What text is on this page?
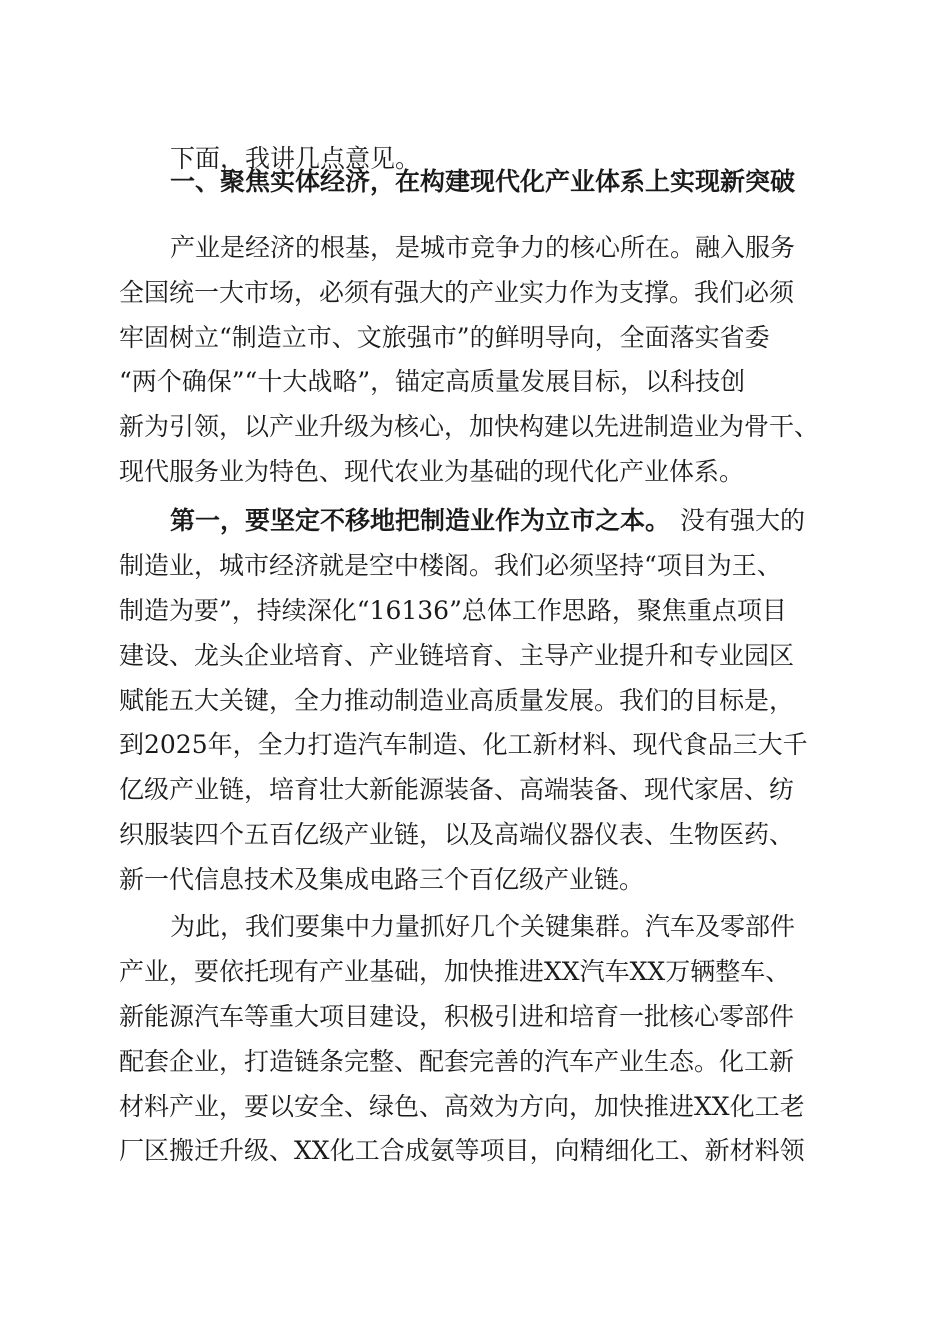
下面，我讲几点意见。
一、聚焦实体经济，在构建现代化产业体系上实现新突破
产业是经济的根基，是城市竞争力的核心所在。融入服务
全国统一大市场，必须有强大的产业实力作为支撑。我们必须
牢固树立“制造立市、文旅强市”的鲜明导向，全面落实省委
“两个确保”“十大战略”，锚定高质量发展目标，以科技创
新为引领，以产业升级为核心，加快构建以先进制造业为骨干、
现代服务业为特色、现代农业为基础的现代化产业体系。
第一，要坚定不移地把制造业作为立市之本。 没有强大的
制造业，城市经济就是空中楼阁。我们必须坚持“项目为王、
制造为要”，持续深化“16136”总体工作思路，聚焦重点项目
建设、龙头企业培育、产业链培育、主导产业提升和专业园区
赋能五大关键，全力推动制造业高质量发展。我们的目标是，
到2025年，全力打造汽车制造、化工新材料、现代食品三大千
亿级产业链，培育壮大新能源装备、高端装备、现代家居、纺
织服装四个五百亿级产业链，以及高端仪器仪表、生物医药、
新一代信息技术及集成电路三个百亿级产业链。
为此，我们要集中力量抓好几个关键集群。汽车及零部件
产业，要依托现有产业基础，加快推进XX汽车XX万辆整车、
新能源汽车等重大项目建设，积极引进和培育一批核心零部件
配套企业，打造链条完整、配套完善的汽车产业生态。化工新
材料产业，要以安全、绿色、高效为方向，加快推进XX化工老
厂区搬迁升级、XX化工合成氨等项目，向精细化工、新材料领
